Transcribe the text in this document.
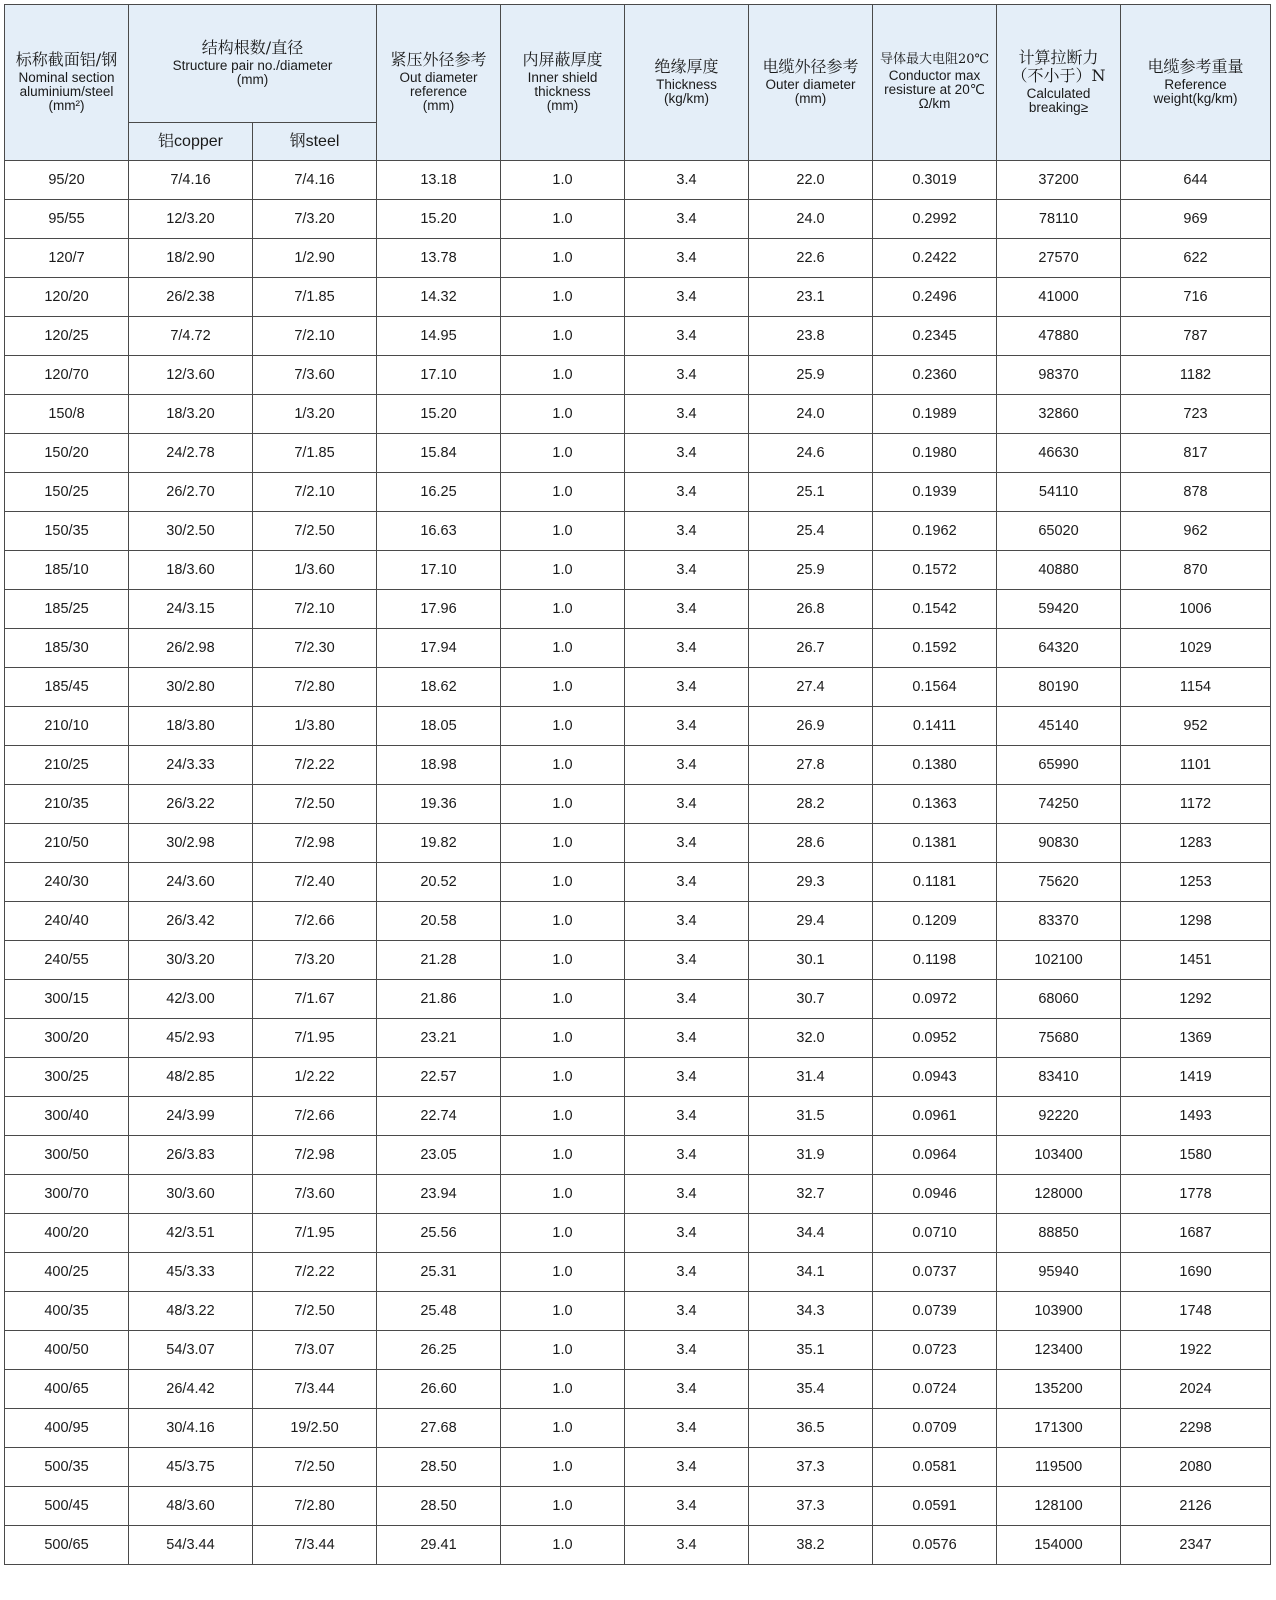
标称截面铝/钢
Nominal section
aluminium/steel
(mm²)	结构根数/直径
Structure pair no./diameter
(mm)		紧压外径参考
Out diameter
reference
(mm)	内屏蔽厚度
Inner shield
thickness
(mm)	绝缘厚度
Thickness
(kg/km)	电缆外径参考
Outer diameter
(mm)	导体最大电阻20℃
Conductor max
resisture at 20℃
Ω/km	计算拉断力
（不小于）N
Calculated
breaking≥	电缆参考重量
Reference
weight(kg/km)

	铝copper	钢steel							
95/20	7/4.16	7/4.16	13.18	1.0	3.4	22.0	0.3019	37200	644
95/55	12/3.20	7/3.20	15.20	1.0	3.4	24.0	0.2992	78110	969
120/7	18/2.90	1/2.90	13.78	1.0	3.4	22.6	0.2422	27570	622
120/20	26/2.38	7/1.85	14.32	1.0	3.4	23.1	0.2496	41000	716
120/25	7/4.72	7/2.10	14.95	1.0	3.4	23.8	0.2345	47880	787
120/70	12/3.60	7/3.60	17.10	1.0	3.4	25.9	0.2360	98370	1182
150/8	18/3.20	1/3.20	15.20	1.0	3.4	24.0	0.1989	32860	723
150/20	24/2.78	7/1.85	15.84	1.0	3.4	24.6	0.1980	46630	817
150/25	26/2.70	7/2.10	16.25	1.0	3.4	25.1	0.1939	54110	878
150/35	30/2.50	7/2.50	16.63	1.0	3.4	25.4	0.1962	65020	962
185/10	18/3.60	1/3.60	17.10	1.0	3.4	25.9	0.1572	40880	870
185/25	24/3.15	7/2.10	17.96	1.0	3.4	26.8	0.1542	59420	1006
185/30	26/2.98	7/2.30	17.94	1.0	3.4	26.7	0.1592	64320	1029
185/45	30/2.80	7/2.80	18.62	1.0	3.4	27.4	0.1564	80190	1154
210/10	18/3.80	1/3.80	18.05	1.0	3.4	26.9	0.1411	45140	952
210/25	24/3.33	7/2.22	18.98	1.0	3.4	27.8	0.1380	65990	1101
210/35	26/3.22	7/2.50	19.36	1.0	3.4	28.2	0.1363	74250	1172
210/50	30/2.98	7/2.98	19.82	1.0	3.4	28.6	0.1381	90830	1283
240/30	24/3.60	7/2.40	20.52	1.0	3.4	29.3	0.1181	75620	1253
240/40	26/3.42	7/2.66	20.58	1.0	3.4	29.4	0.1209	83370	1298
240/55	30/3.20	7/3.20	21.28	1.0	3.4	30.1	0.1198	102100	1451
300/15	42/3.00	7/1.67	21.86	1.0	3.4	30.7	0.0972	68060	1292
300/20	45/2.93	7/1.95	23.21	1.0	3.4	32.0	0.0952	75680	1369
300/25	48/2.85	1/2.22	22.57	1.0	3.4	31.4	0.0943	83410	1419
300/40	24/3.99	7/2.66	22.74	1.0	3.4	31.5	0.0961	92220	1493
300/50	26/3.83	7/2.98	23.05	1.0	3.4	31.9	0.0964	103400	1580
300/70	30/3.60	7/3.60	23.94	1.0	3.4	32.7	0.0946	128000	1778
400/20	42/3.51	7/1.95	25.56	1.0	3.4	34.4	0.0710	88850	1687
400/25	45/3.33	7/2.22	25.31	1.0	3.4	34.1	0.0737	95940	1690
400/35	48/3.22	7/2.50	25.48	1.0	3.4	34.3	0.0739	103900	1748
400/50	54/3.07	7/3.07	26.25	1.0	3.4	35.1	0.0723	123400	1922
400/65	26/4.42	7/3.44	26.60	1.0	3.4	35.4	0.0724	135200	2024
400/95	30/4.16	19/2.50	27.68	1.0	3.4	36.5	0.0709	171300	2298
500/35	45/3.75	7/2.50	28.50	1.0	3.4	37.3	0.0581	119500	2080
500/45	48/3.60	7/2.80	28.50	1.0	3.4	37.3	0.0591	128100	2126
500/65	54/3.44	7/3.44	29.41	1.0	3.4	38.2	0.0576	154000	2347
